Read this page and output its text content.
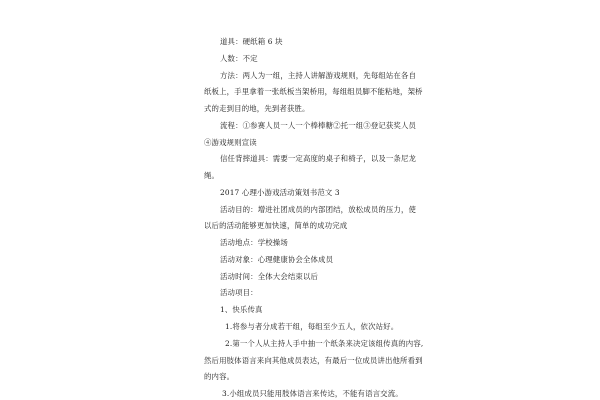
道具：硬纸箱 6 块
人数：不定
方法：两人为一组，主持人讲解游戏规则，先每组站在各自
纸板上，手里拿着一张纸板当架桥用，每组组员脚不能粘地，架桥
式的走到目的地，先到者获胜。
流程：①参赛人员一人一个棒棒糖②托一组③登记获奖人员
④游戏规则宣读
信任背摔道具：需要一定高度的桌子和椅子，以及一条尼龙
绳。
2017 心理小游戏活动策划书范文 3
活动目的：增进社团成员的内部团结，放松成员的压力，使
以后的活动能够更加快速，简单的成功完成
活动地点：学校操场
活动对象：心理健康协会全体成员
活动时间：全体大会结束以后
活动项目：
1、快乐传真
1.将参与者分成若干组，每组至少五人，依次站好。
2.第一个人从主持人手中抽一个纸条来决定该组传真的内容,
然后用肢体语言来向其他成员表达，有最后一位成员讲出他所看到
的内容。
3.小组成员只能用肢体语言来传达，不能有语言交流。
